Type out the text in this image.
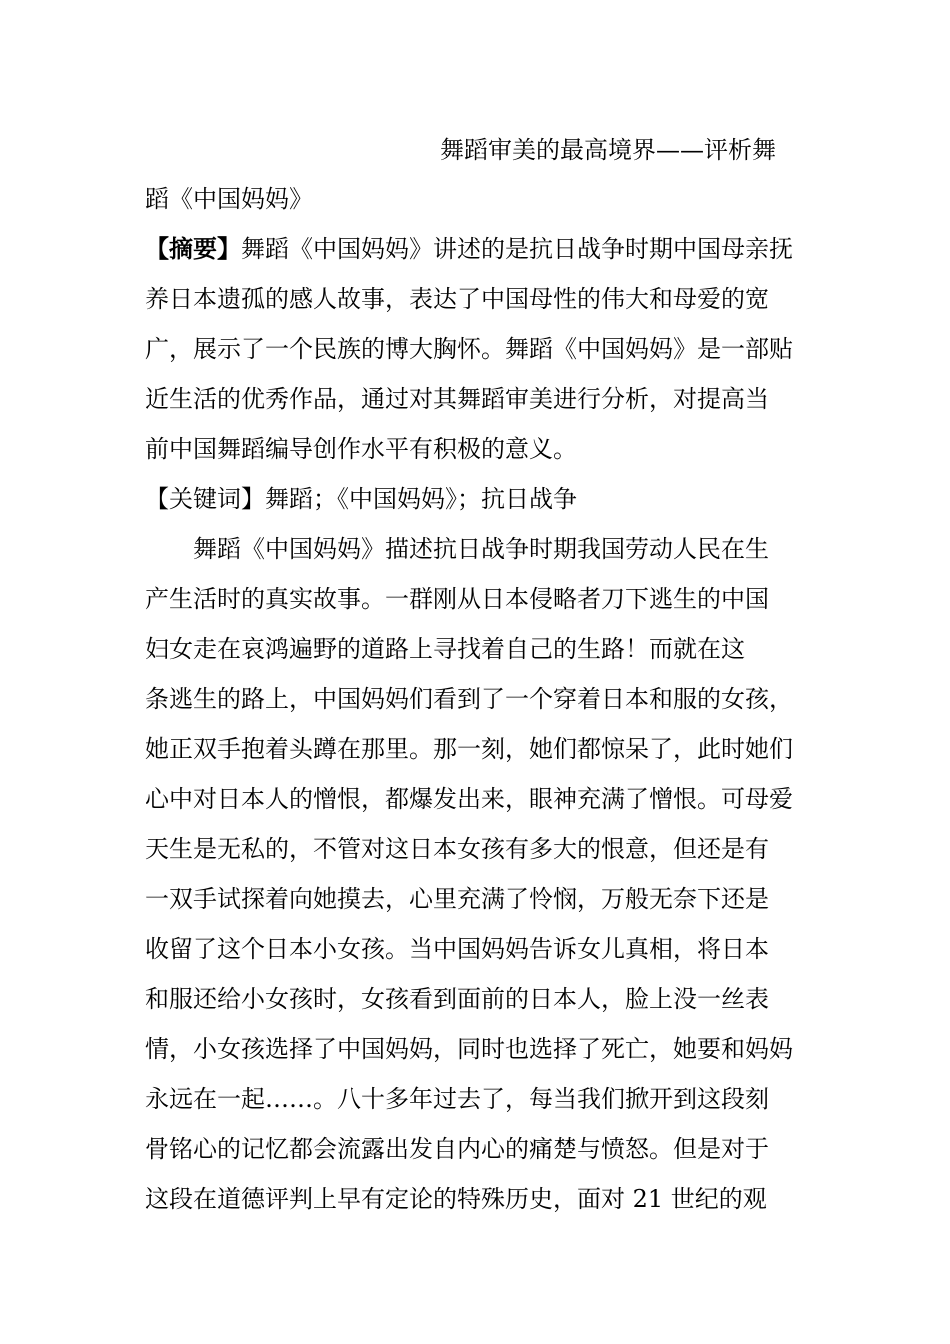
舞蹈审美的最高境界——评析舞
蹈《中国妈妈》
【摘要】舞蹈《中国妈妈》讲述的是抗日战争时期中国母亲抚
养日本遗孤的感人故事，表达了中国母性的伟大和母爱的宽
广，展示了一个民族的博大胸怀。舞蹈《中国妈妈》是一部贴
近生活的优秀作品，通过对其舞蹈审美进行分析，对提高当
前中国舞蹈编导创作水平有积极的意义。
【关键词】舞蹈；《中国妈妈》；抗日战争
舞蹈《中国妈妈》描述抗日战争时期我国劳动人民在生
产生活时的真实故事。一群刚从日本侵略者刀下逃生的中国
妇女走在哀鸿遍野的道路上寻找着自己的生路！而就在这
条逃生的路上，中国妈妈们看到了一个穿着日本和服的女孩，
她正双手抱着头蹲在那里。那一刻，她们都惊呆了，此时她们
心中对日本人的憎恨，都爆发出来，眼神充满了憎恨。可母爱
天生是无私的，不管对这日本女孩有多大的恨意，但还是有
一双手试探着向她摸去，心里充满了怜悯，万般无奈下还是
收留了这个日本小女孩。当中国妈妈告诉女儿真相，将日本
和服还给小女孩时，女孩看到面前的日本人，脸上没一丝表
情，小女孩选择了中国妈妈，同时也选择了死亡，她要和妈妈
永远在一起……。八十多年过去了，每当我们掀开到这段刻
骨铭心的记忆都会流露出发自内心的痛楚与愤怒。但是对于
这段在道德评判上早有定论的特殊历史，面对 21 世纪的观
